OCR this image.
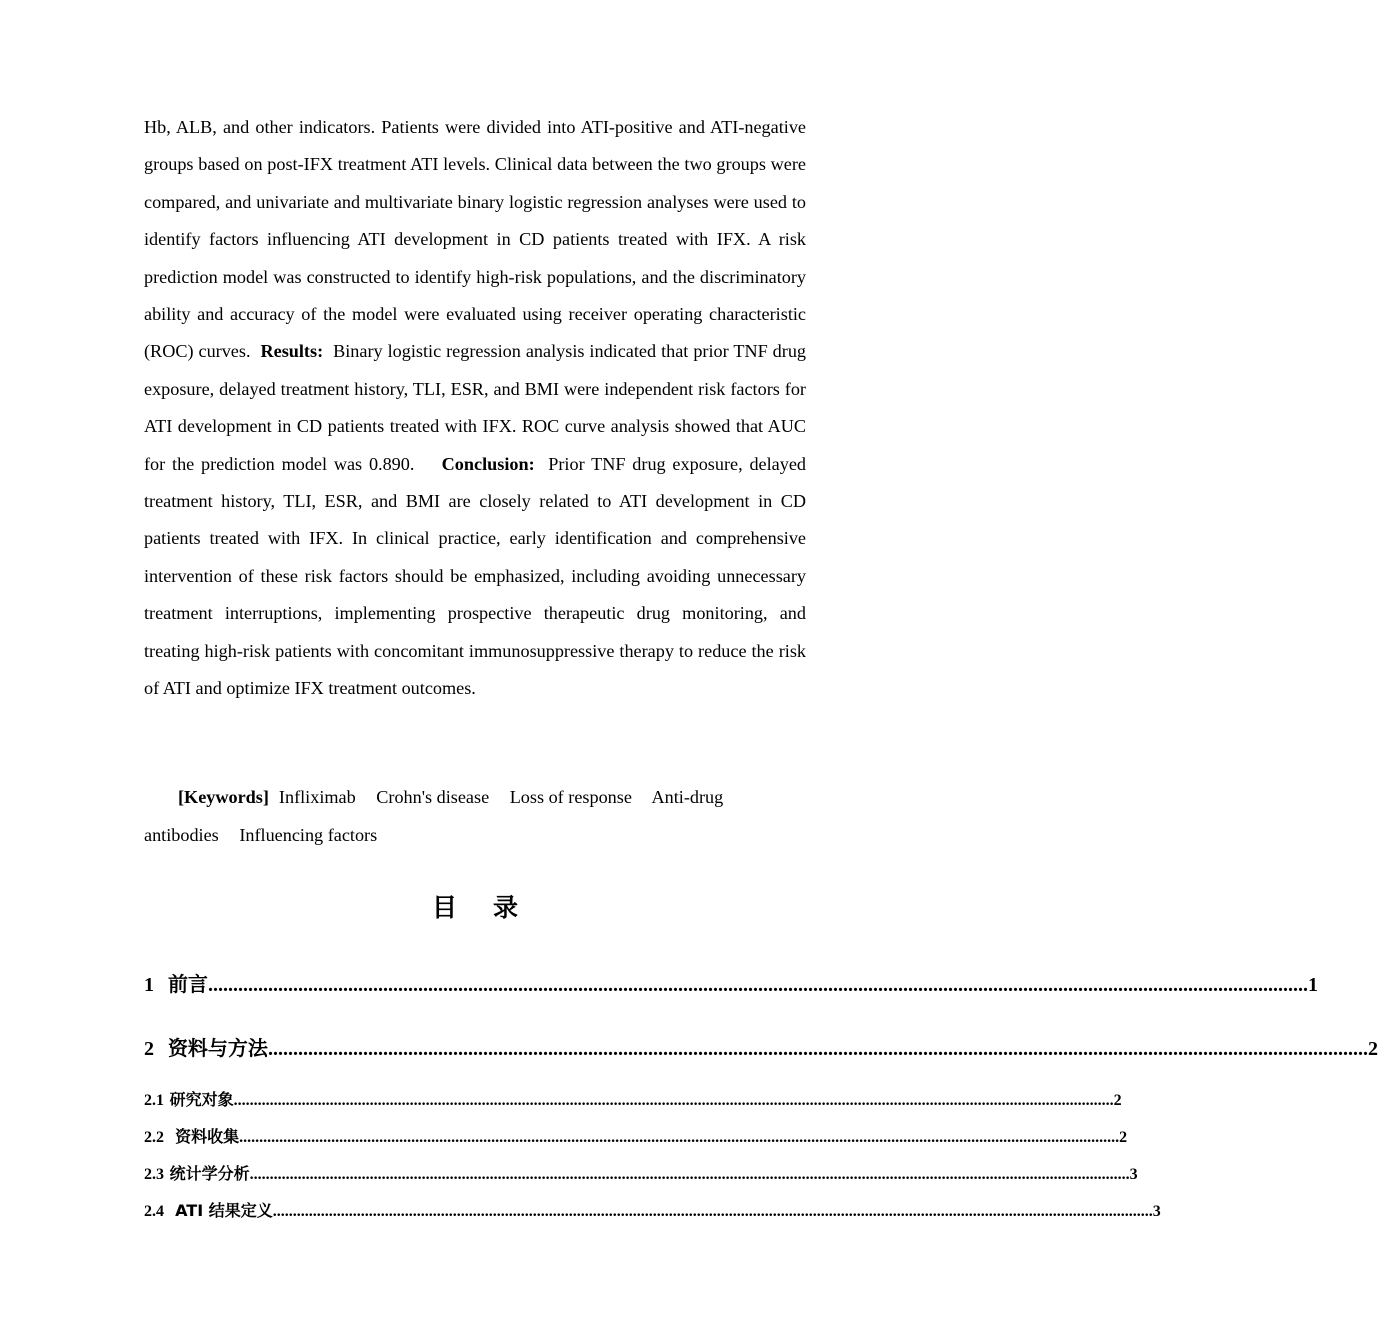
Hb, ALB, and other indicators. Patients were divided into ATI-positive and ATI-negative groups based on post-IFX treatment ATI levels. Clinical data between the two groups were compared, and univariate and multivariate binary logistic regression analyses were used to identify factors influencing ATI development in CD patients treated with IFX. A risk prediction model was constructed to identify high-risk populations, and the discriminatory ability and accuracy of the model were evaluated using receiver operating characteristic (ROC) curves. Results: Binary logistic regression analysis indicated that prior TNF drug exposure, delayed treatment history, TLI, ESR, and BMI were independent risk factors for ATI development in CD patients treated with IFX. ROC curve analysis showed that AUC for the prediction model was 0.890. Conclusion: Prior TNF drug exposure, delayed treatment history, TLI, ESR, and BMI are closely related to ATI development in CD patients treated with IFX. In clinical practice, early identification and comprehensive intervention of these risk factors should be emphasized, including avoiding unnecessary treatment interruptions, implementing prospective therapeutic drug monitoring, and treating high-risk patients with concomitant immunosuppressive therapy to reduce the risk of ATI and optimize IFX treatment outcomes.

[Keywords] Infliximab Crohn's disease Loss of response Anti-drug antibodies Influencing factors

目录
1
前言 ............................................................................................................................................................................................................................ 1
2
资料与方法 ............................................................................................................................................................................................................................ 2
2.1
研究对象 ............................................................................................................................................................................................................................ 2
2.2
资料收集 ............................................................................................................................................................................................................................ 2
2.3
统计学分析 ............................................................................................................................................................................................................................ 3
2.4
ATI 结果定义 ............................................................................................................................................................................................................................ 3
